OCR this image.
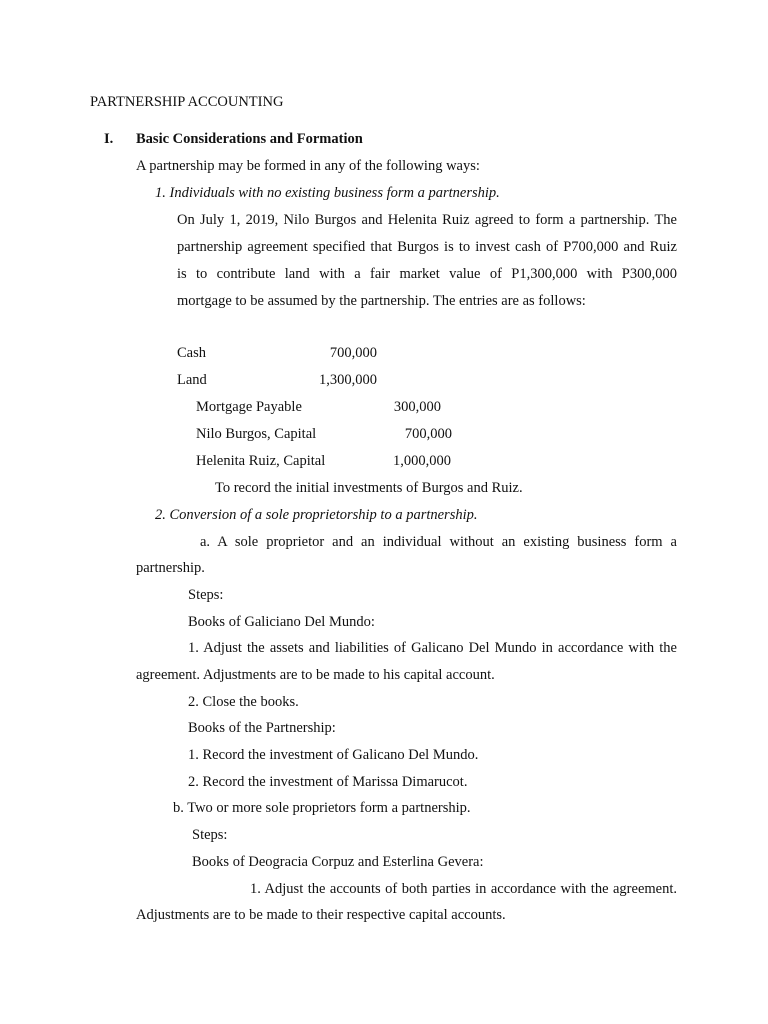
PARTNERSHIP ACCOUNTING
I. Basic Considerations and Formation
A partnership may be formed in any of the following ways:
1. Individuals with no existing business form a partnership.
On July 1, 2019, Nilo Burgos and Helenita Ruiz agreed to form a partnership. The
partnership agreement specified that Burgos is to invest cash of P700,000 and Ruiz
is to contribute land with a fair market value of P1,300,000 with P300,000
mortgage to be assumed by the partnership. The entries are as follows:
Cash	700,000
Land	1,300,000
Mortgage Payable	300,000
Nilo Burgos, Capital	700,000
Helenita Ruiz, Capital	1,000,000
To record the initial investments of Burgos and Ruiz.
2. Conversion of a sole proprietorship to a partnership.
a. A sole proprietor and an individual without an existing business form a
partnership.
Steps:
Books of Galiciano Del Mundo:
1. Adjust the assets and liabilities of Galicano Del Mundo in accordance with the
agreement. Adjustments are to be made to his capital account.
2. Close the books.
Books of the Partnership:
1. Record the investment of Galicano Del Mundo.
2. Record the investment of Marissa Dimarucot.
b. Two or more sole proprietors form a partnership.
Steps:
Books of Deogracia Corpuz and Esterlina Gevera:
1. Adjust the accounts of both parties in accordance with the agreement.
Adjustments are to be made to their respective capital accounts.
